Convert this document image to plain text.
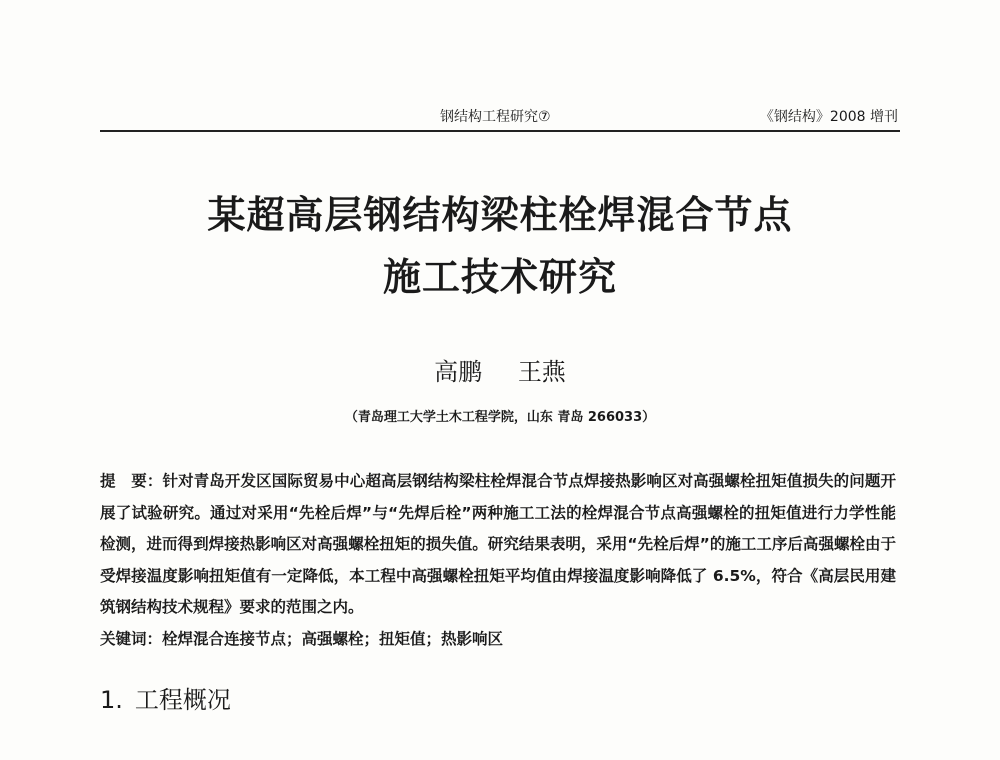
钢结构工程研究⑦	《钢结构》2008 增刊
某超高层钢结构梁柱栓焊混合节点
施工技术研究
高鹏 王燕
（青岛理工大学土木工程学院，山东 青岛 266033）
提　要：针对青岛开发区国际贸易中心超高层钢结构梁柱栓焊混合节点焊接热影响区对高强螺栓扭矩值损失的问题开展了试验研究。通过对采用“先栓后焊”与“先焊后栓”两种施工工法的栓焊混合节点高强螺栓的扭矩值进行力学性能检测，进而得到焊接热影响区对高强螺栓扭矩的损失值。研究结果表明，采用“先栓后焊”的施工工序后高强螺栓由于受焊接温度影响扭矩值有一定降低，本工程中高强螺栓扭矩平均值由焊接温度影响降低了 6.5%，符合《高层民用建筑钢结构技术规程》要求的范围之内。
关键词：栓焊混合连接节点；高强螺栓；扭矩值；热影响区
1. 工程概况
